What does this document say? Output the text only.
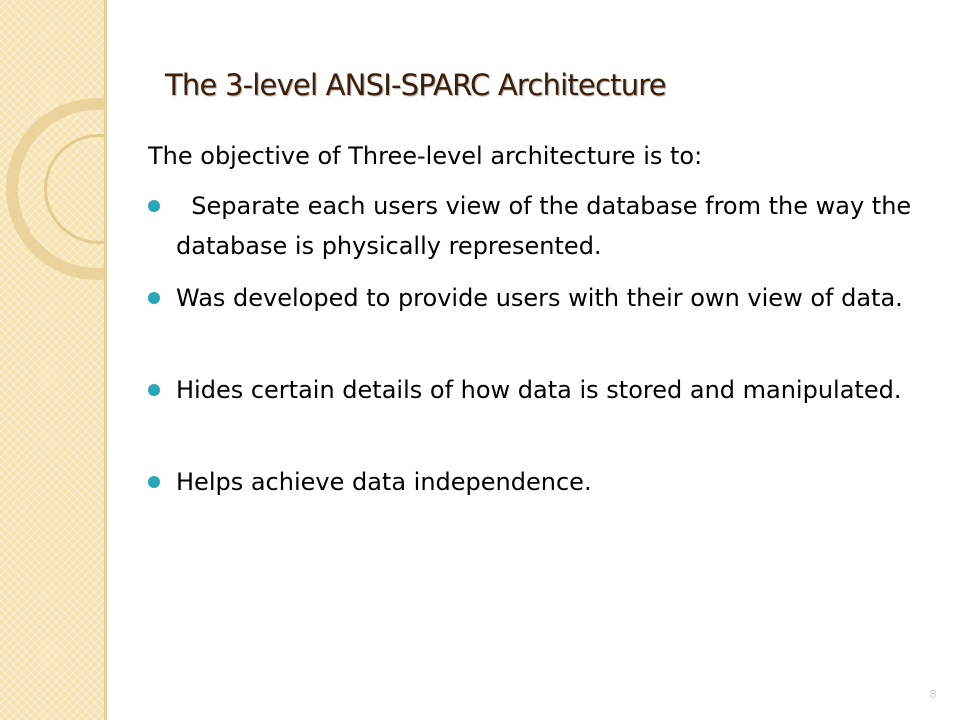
The 3-level ANSI-SPARC Architecture

The objective of Three-level architecture is to:

Separate each users view of the database from the way the database is physically represented.
Was developed to provide users with their own view of data.
Hides certain details of how data is stored and manipulated.
Helps achieve data independence.
8
